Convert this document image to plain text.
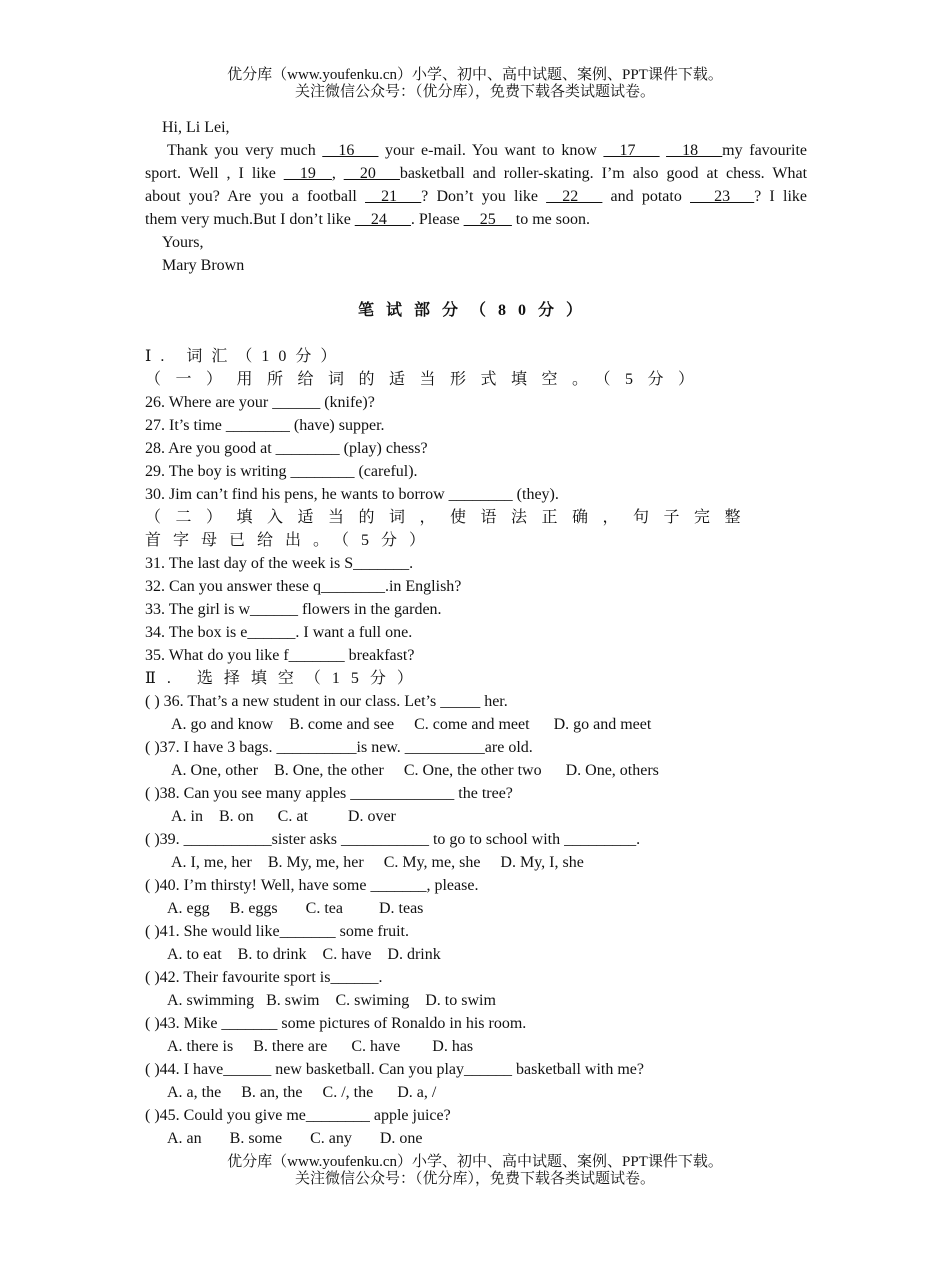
优分库（www.youfenku.cn）小学、初中、高中试题、案例、PPT课件下载。
关注微信公众号：（优分库），免费下载各类试题试卷。
Hi, Li Lei,
Thank you very much __16___ your e-mail. You want to know __17___ __18___my favourite
sport. Well , I like __19__, __20___basketball and roller-skating. I’m also good at chess. What
about you? Are you a football __21___? Don’t you like __22___ and potato ___23___? I like
them very much.But I don’t like __24___. Please __25__ to me soon.
Yours,
Mary Brown
笔试部分（80分）
Ⅰ. 词汇（10分）
（一）用所给词的适当形式填空。（5分）
26. Where are your ______ (knife)?
27. It’s time ________ (have) supper.
28. Are you good at ________ (play) chess?
29. The boy is writing ________ (careful).
30. Jim can’t find his pens, he wants to borrow ________ (they).
（二）填入适当的词，使语法正确，句子完整
首字母已给出。（5分）
31. The last day of the week is S_______.
32. Can you answer these q________.in English?
33. The girl is w______ flowers in the garden.
34. The box is e______. I want a full one.
35. What do you like f_______ breakfast?
Ⅱ. 选择填空（15分）
( ) 36. That’s a new student in our class. Let’s _____ her.
A. go and know    B. come and see     C. come and meet      D. go and meet
( )37. I have 3 bags. __________is new. __________are old.
A. One, other    B. One, the other     C. One, the other two      D. One, others
( )38. Can you see many apples _____________ the tree?
A. in    B. on      C. at          D. over
( )39. ___________sister asks ___________ to go to school with _________.
A. I, me, her    B. My, me, her     C. My, me, she     D. My, I, she
( )40. I’m thirsty! Well, have some _______, please.
A. egg     B. eggs       C. tea         D. teas
( )41. She would like_______ some fruit.
A. to eat    B. to drink    C. have    D. drink
( )42. Their favourite sport is______.
A. swimming   B. swim    C. swiming    D. to swim
( )43. Mike _______ some pictures of Ronaldo in his room.
A. there is     B. there are      C. have        D. has
( )44. I have______ new basketball. Can you play______ basketball with me?
A. a, the     B. an, the     C. /, the      D. a, /
( )45. Could you give me________ apple juice?
A. an       B. some       C. any       D. one
优分库（www.youfenku.cn）小学、初中、高中试题、案例、PPT课件下载。
关注微信公众号：（优分库），免费下载各类试题试卷。
